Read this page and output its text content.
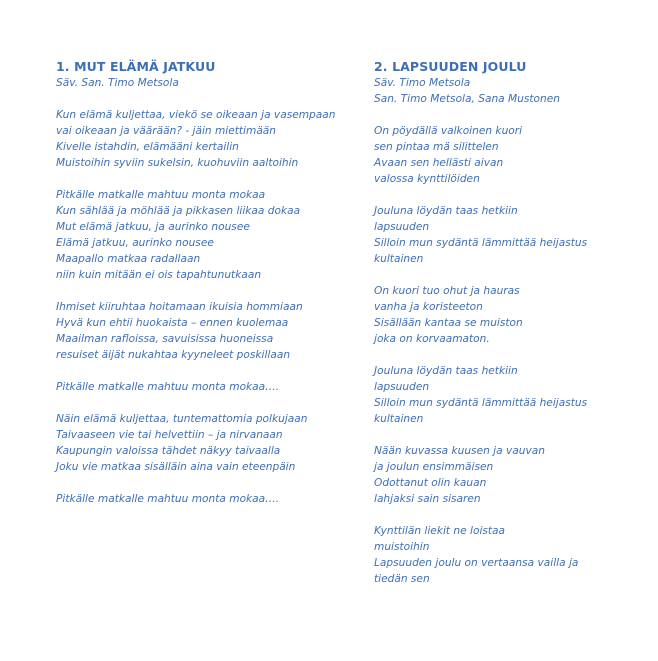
1. MUT ELÄMÄ JATKUU

Säv. San. Timo Metsola

Kun elämä kuljettaa, viekö se oikeaan ja vasempaan
vai oikeaan ja väärään? - jäin miettimään
Kivelle istahdin, elämääni kertailin
Muistoihin syviin sukelsin, kuohuviin aaltoihin
Pitkälle matkalle mahtuu monta mokaa
Kun sählää ja möhlää ja pikkasen liikaa dokaa
Mut elämä jatkuu, ja aurinko nousee
Elämä jatkuu, aurinko nousee
Maapallo matkaa radallaan
niin kuin mitään ei ois tapahtunutkaan
Ihmiset kiiruhtaa hoitamaan ikuisia hommiaan
Hyvä kun ehtii huokaista – ennen kuolemaa
Maailman rafloissa, savuisissa huoneissa
resuiset äijät nukahtaa kyyneleet poskillaan
Pitkälle matkalle mahtuu monta mokaa….
Näin elämä kuljettaa, tuntemattomia polkujaan
Taivaaseen vie tai helvettiin – ja nirvanaan
Kaupungin valoissa tähdet näkyy taivaalla
Joku vie matkaa sisälläin aina vain eteenpäin
Pitkälle matkalle mahtuu monta mokaa….

2. LAPSUUDEN JOULU

Säv. Timo Metsola

San. Timo Metsola, Sana Mustonen

On pöydällä valkoinen kuori
sen pintaa mä silittelen
Avaan sen hellästi aivan
valossa kynttilöiden
Jouluna löydän taas hetkiin
lapsuuden
Silloin mun sydäntä lämmittää heijastus
kultainen
On kuori tuo ohut ja hauras
vanha ja koristeeton
Sisällään kantaa se muiston
joka on korvaamaton.
Jouluna löydän taas hetkiin
lapsuuden
Silloin mun sydäntä lämmittää heijastus
kultainen
Nään kuvassa kuusen ja vauvan
ja joulun ensimmäisen
Odottanut olin kauan
lahjaksi sain sisaren
Kynttilän liekit ne loistaa
muistoihin
Lapsuuden joulu on vertaansa vailla ja
tiedän sen
